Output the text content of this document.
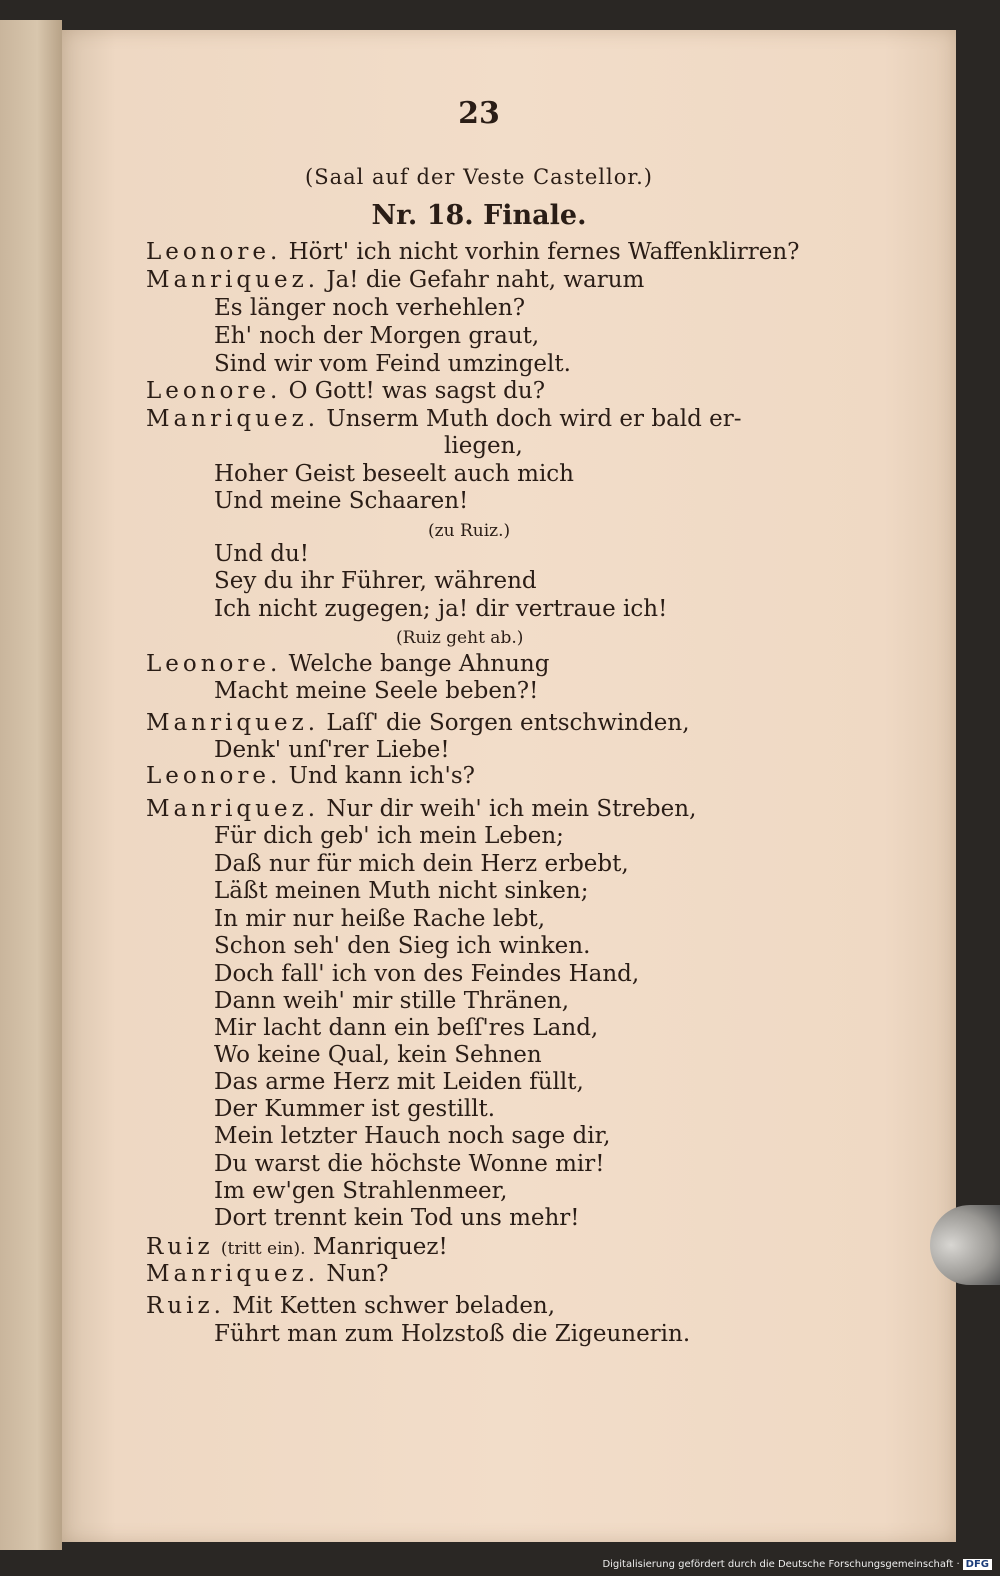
23
(Saal auf der Veste Castellor.)
Nr. 18. Finale.
Leonore. Hört' ich nicht vorhin fernes Waffenklirren?
Manriquez. Ja! die Gefahr naht, warum
Es länger noch verhehlen?
Eh' noch der Morgen graut,
Sind wir vom Feind umzingelt.
Leonore. O Gott! was sagst du?
Manriquez. Unserm Muth doch wird er bald er-
liegen,
Hoher Geist beseelt auch mich
Und meine Schaaren!
(zu Ruiz.)
Und du!
Sey du ihr Führer, während
Ich nicht zugegen; ja! dir vertraue ich!
(Ruiz geht ab.)
Leonore. Welche bange Ahnung
Macht meine Seele beben?!
Manriquez. Laſſ' die Sorgen entschwinden,
Denk' unſ'rer Liebe!
Leonore. Und kann ich's?
Manriquez. Nur dir weih' ich mein Streben,
Für dich geb' ich mein Leben;
Daß nur für mich dein Herz erbebt,
Läßt meinen Muth nicht sinken;
In mir nur heiße Rache lebt,
Schon seh' den Sieg ich winken.
Doch fall' ich von des Feindes Hand,
Dann weih' mir stille Thränen,
Mir lacht dann ein beſſ'res Land,
Wo keine Qual, kein Sehnen
Das arme Herz mit Leiden füllt,
Der Kummer ist gestillt.
Mein letzter Hauch noch sage dir,
Du warst die höchste Wonne mir!
Im ew'gen Strahlenmeer,
Dort trennt kein Tod uns mehr!
Ruiz (tritt ein). Manriquez!
Manriquez. Nun?
Ruiz. Mit Ketten schwer beladen,
Führt man zum Holzstoß die Zigeunerin.
Digitalisierung gefördert durch die Deutsche Forschungsgemeinschaft · DFG
